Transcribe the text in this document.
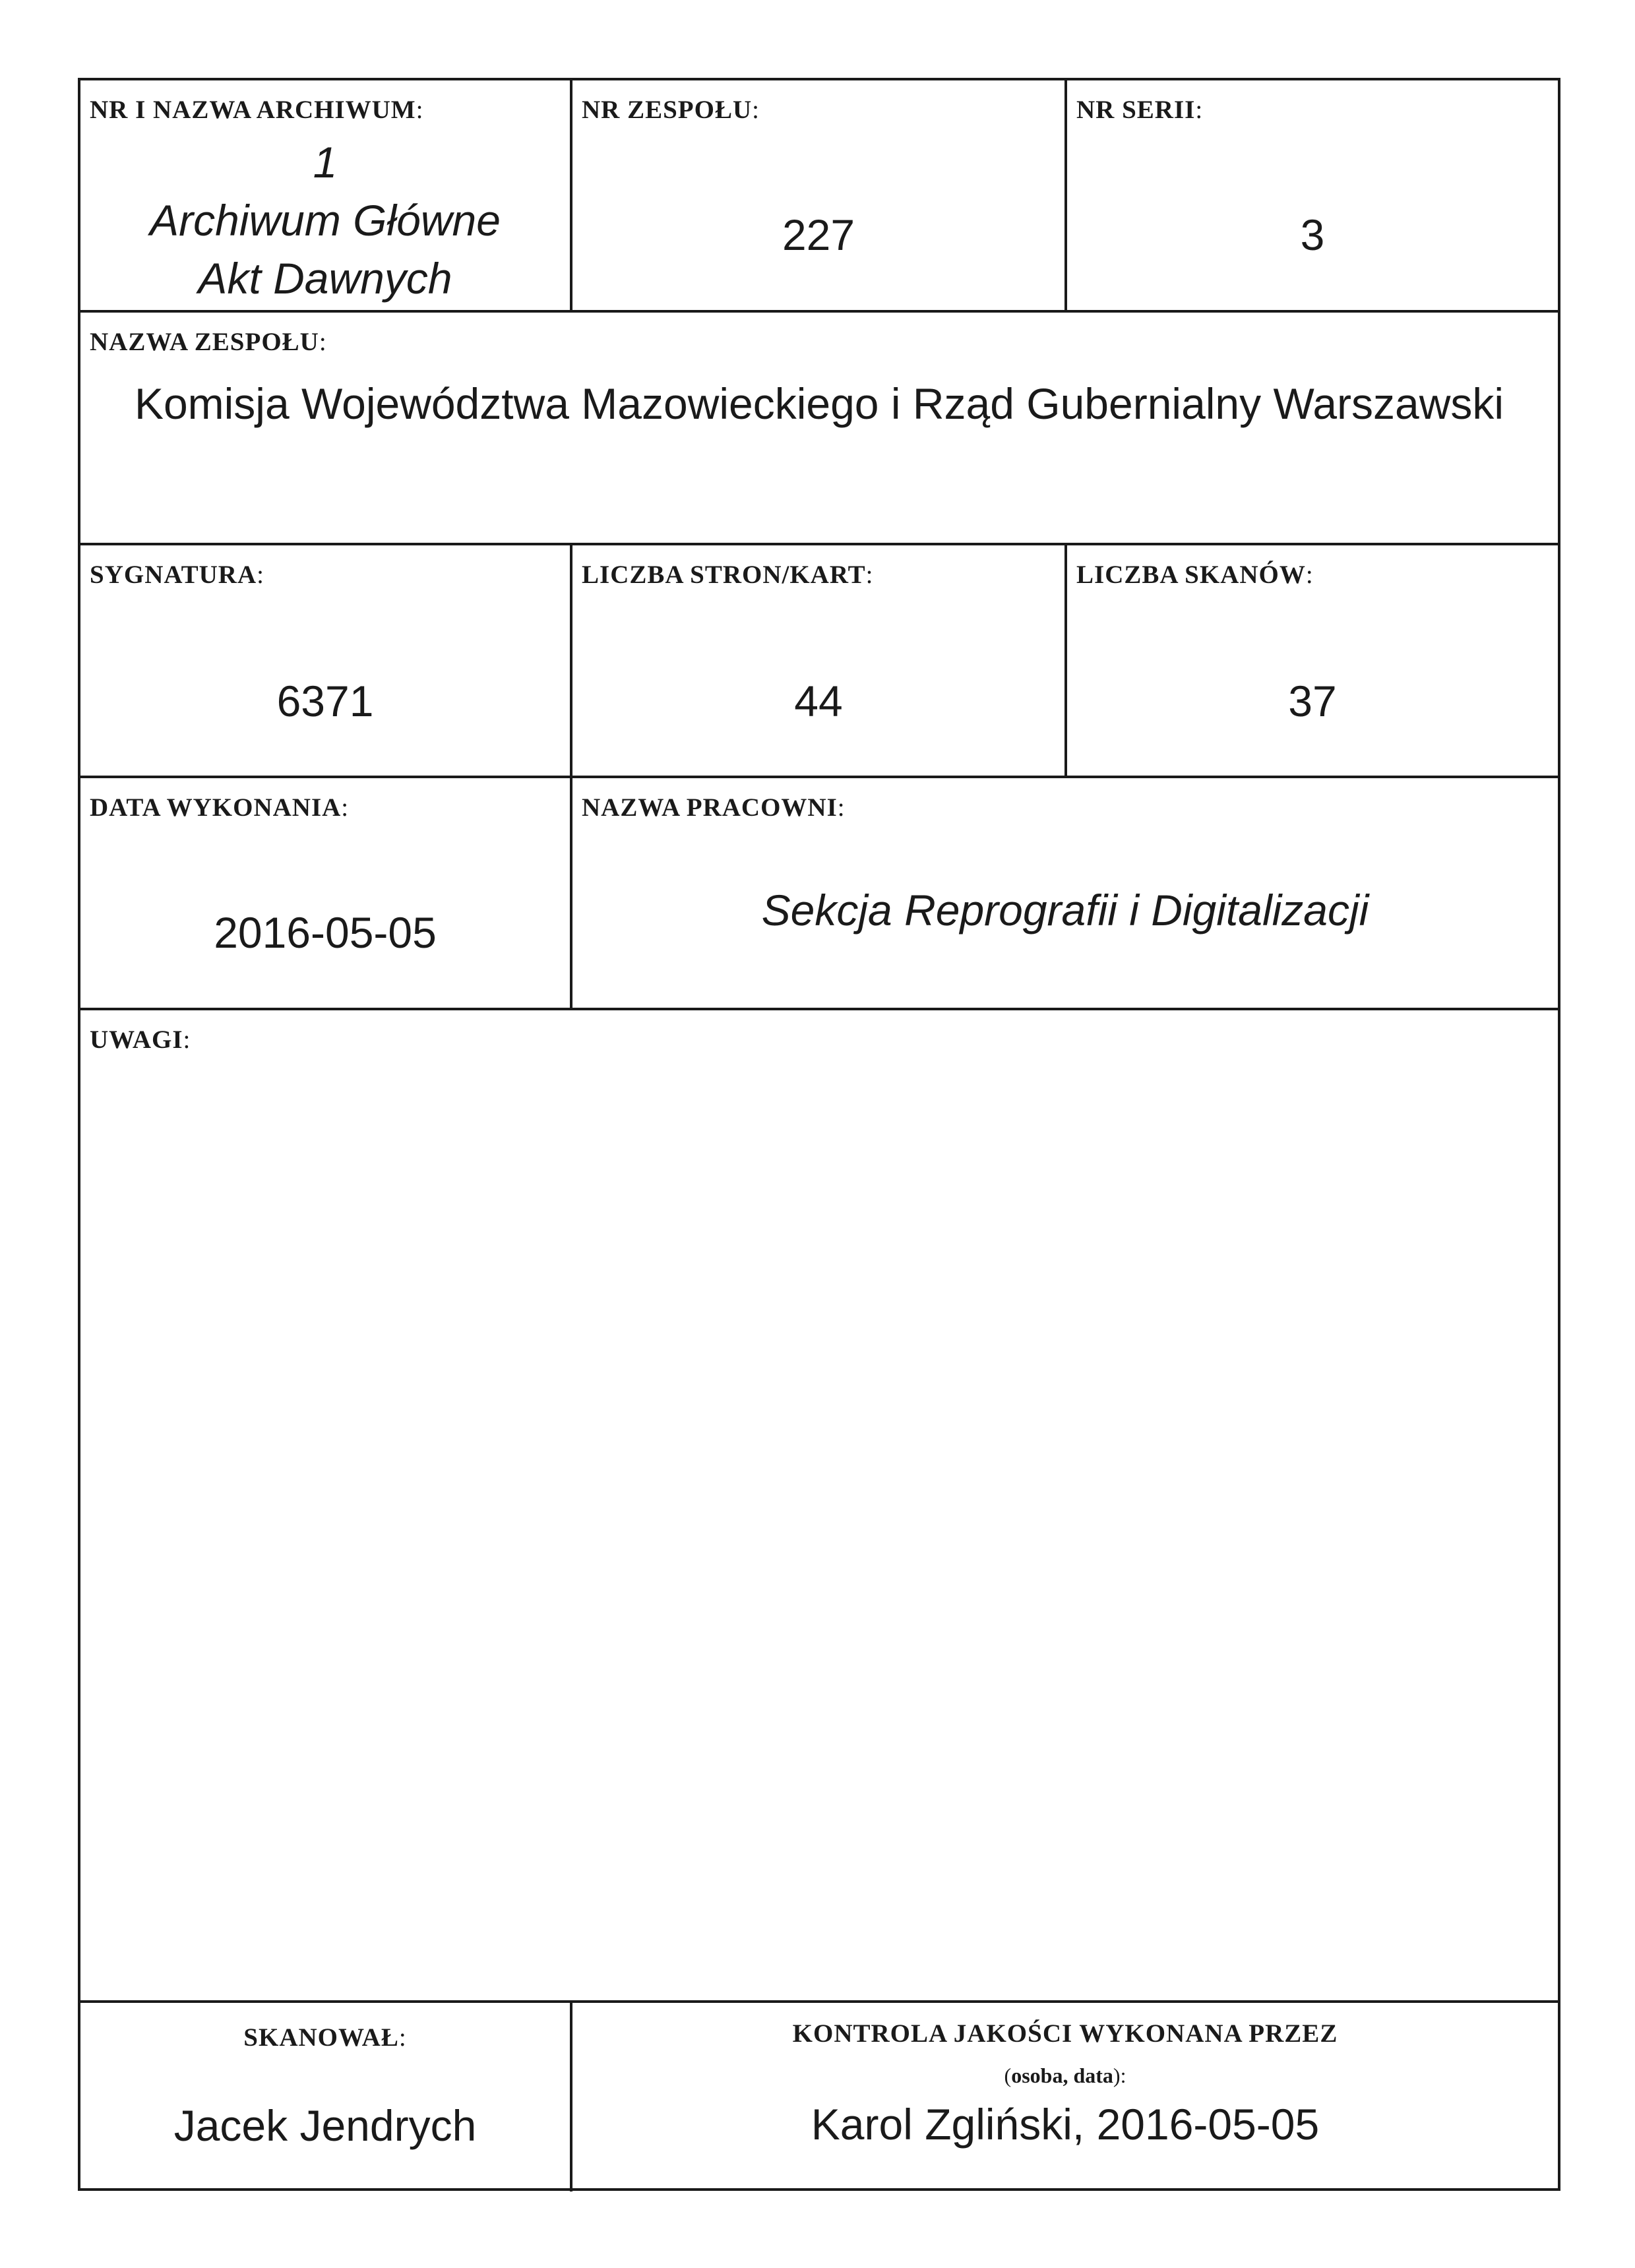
NR I NAZWA ARCHIWUM:
1
Archiwum Główne
Akt Dawnych
NR ZESPOŁU:
227
NR SERII:
3
NAZWA ZESPOŁU:
Komisja Województwa Mazowieckiego i Rząd Gubernialny Warszawski
SYGNATURA:
6371
LICZBA STRON/KART:
44
LICZBA SKANÓW:
37
DATA WYKONANIA:
2016-05-05
NAZWA PRACOWNI:
Sekcja Reprografii i Digitalizacji
UWAGI:
SKANOWAŁ:
Jacek Jendrych
KONTROLA JAKOŚCI WYKONANA PRZEZ
(osoba, data):
Karol Zgliński, 2016-05-05
